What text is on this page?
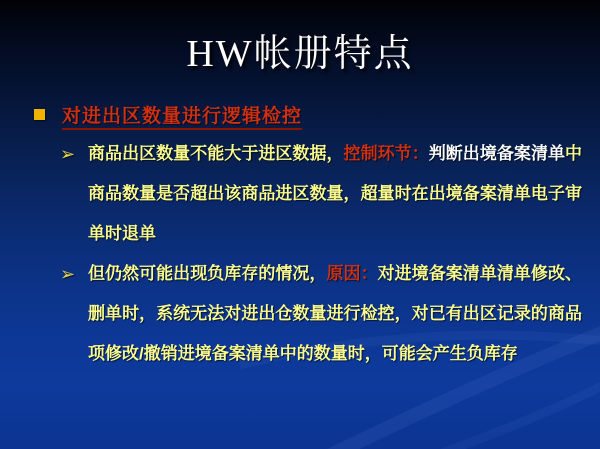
HW帐册特点
对进出区数量进行逻辑检控
➢ 商品出区数量不能大于进区数据，控制环节：判断出境备案清单中商品数量是否超出该商品进区数量，超量时在出境备案清单电子审单时退单
➢ 但仍然可能出现负库存的情况，原因：对进境备案清单清单修改、删单时，系统无法对进出仓数量进行检控，对已有出区记录的商品项修改/撤销进境备案清单中的数量时，可能会产生负库存
